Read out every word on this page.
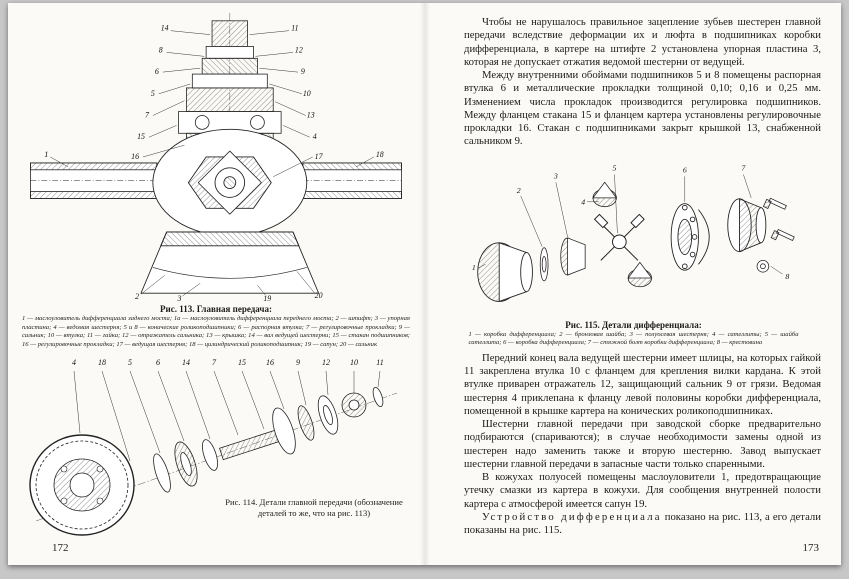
14
8
6
5
7
15
16
1
11
12
9
10
13
4
17	18
2	3	19	20

Рис. 113. Главная передача:

1 — маслоуловитель дифференциала заднего моста; 1а — маслоуловитель дифференциала переднего моста; 2 — штифт; 3 — упорная пластина; 4 — ведомая шестерня; 5 и 8 — конические роликоподшипники; 6 — распорная втулка; 7 — регулировочные прокладки; 9 — сальник; 10 — втулка; 11 — гайка; 12 — отражатель сальника; 13 — крышка; 14 — вал ведущей шестерни; 15 — стакан подшипников; 16 — регулировочные прокладки; 17 — ведущая шестерня; 18 — цилиндрический роликоподшипник; 19 — сапун; 20 — сальник

4	18	5	6	14	7	15	16	9	12	10 11
Рис. 114. Детали главной передачи (обозначение деталей то же, что на рис. 113)
172

Чтобы не нарушалось правильное зацепление зубьев шестерен главной передачи вследствие деформации их и люфта в подшипниках коробки дифференциала, в картере на штифте 2 установлена упорная пластина 3, которая не допускает отжатия ведомой шестерни от ведущей.

Между внутренними обоймами подшипников 5 и 8 помещены распорная втулка 6 и металлические прокладки толщиной 0,10; 0,16 и 0,25 мм. Изменением числа прокладок производится регулировка подшипников. Между фланцем стакана 15 и фланцем картера установлены регулировочные прокладки 16. Стакан с подшипниками закрыт крышкой 13, снабженной сальником 9.

3
5
2
6	7
1
4
8

Рис. 115. Детали дифференциала:

1 — коробка дифференциала; 2 — бронзовая шайба; 3 — полуосевая шестерня; 4 — сателлиты; 5 — шайба сателлита; 6 — коробка дифференциала; 7 — стяжной болт коробки дифференциала; 8 — крестовина

Передний конец вала ведущей шестерни имеет шлицы, на которых гайкой 11 закреплена втулка 10 с фланцем для крепления вилки кардана. К этой втулке приварен отражатель 12, защищающий сальник 9 от грязи. Ведомая шестерня 4 приклепана к фланцу левой половины коробки дифференциала, помещенной в крышке картера на конических роликоподшипниках.

Шестерни главной передачи при заводской сборке предварительно подбираются (спариваются); в случае необходимости замены одной из шестерен надо заменить также и вторую шестерню. Завод выпускает шестерни главной передачи в запасные части только спаренными.

В кожухах полуосей помещены маслоуловители 1, предотвращающие утечку смазки из картера в кожухи. Для сообщения внутренней полости картера с атмосферой имеется сапун 19.

Устройство дифференциала показано на рис. 113, а его детали показаны на рис. 115.

173
